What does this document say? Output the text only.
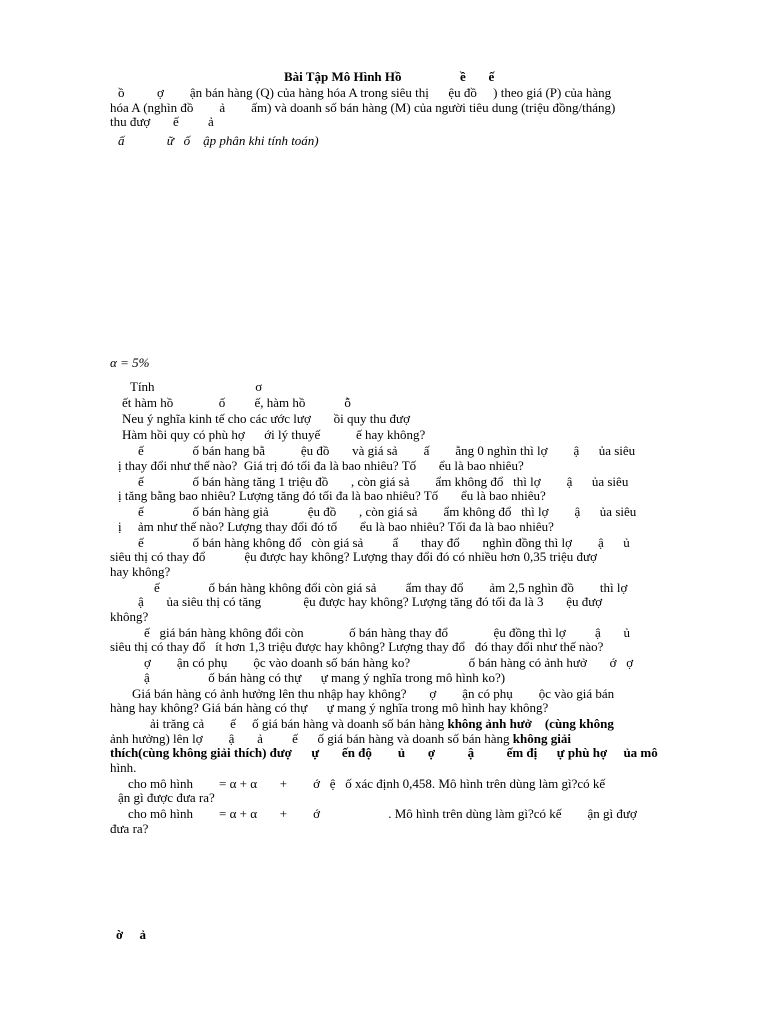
Bài Tập Mô Hình Hồ                  ề       ế
ồ          ợ        ận bán hàng (Q) của hàng hóa A trong siêu thị      ệu đồ     ) theo giá (P) của hàng
hóa A (nghìn đồ        ả        ấm) và doanh số bán hàng (M) của người tiêu dung (triệu đồng/tháng)
thu đượ       ế         ả
ấ             ữ   ố    ập phân khi tính toán)
α = 5%
Tính                               σ
ết hàm hồ              ố         ế, hàm hồ            ỗ
Neu ý nghĩa kinh tế cho các ước lượ       ồi quy thu đượ
Hàm hồi quy có phù hợ      ới lý thuyế           ế hay không?
ế               ố bán hang bằ           ệu đồ       và giá sả        ấ        ằng 0 nghìn thì lợ        ậ      ủa siêu
ị thay đổi như thế nào?  Giá trị đó tối đa là bao nhiêu? Tố       ểu là bao nhiêu?
ế               ố bán hàng tăng 1 triệu đồ       , còn giá sả        ẩm không đổ   thì lợ        ậ      ủa siêu
ị tăng bằng bao nhiêu? Lượng tăng đó tối đa là bao nhiêu? Tố       ểu là bao nhiêu?
ế               ố bán hàng giả            ệu đồ       , còn giá sả        ẩm không đổ   thì lợ        ậ      ủa siêu
ị     ảm như thế nào? Lượng thay đổi đó tố       ểu là bao nhiêu? Tối đa là bao nhiêu?
ế               ố bán hàng không đổ   còn giá sả         ẩ       thay đổ       nghìn đồng thì lợ        ậ      ủ
siêu thị có thay đổ            ệu được hay không? Lượng thay đổi đó có nhiều hơn 0,35 triệu đượ
hay không?
ế               ố bán hàng không đổi còn giá sả         ẩm thay đổ        ảm 2,5 nghìn đồ        thì lợ
ậ       ủa siêu thị có tăng             ệu được hay không? Lượng tăng đó tối đa là 3       ệu đượ
không?
ế   giá bán hàng không đổi còn              ố bán hàng thay đổ              ệu đồng thì lợ         ậ       ủ
siêu thị có thay đổ   ít hơn 1,3 triệu được hay không? Lượng thay đổ   đó thay đổi như thế nào?
ợ        ận có phụ        ộc vào doanh số bán hàng ko?                  ố bán hàng có ảnh hưở       ớ   ợ
ậ                  ố bán hàng có thự      ự mang ý nghĩa trong mô hình ko?)
Giá bán hàng có ảnh hưởng lên thu nhập hay không?       ợ        ận có phụ        ộc vào giá bán
hàng hay không? Giá bán hàng có thự      ự mang ý nghĩa trong mô hình hay không?
ải trăng cả        ế     ố giá bán hàng và doanh số bán hàng không ảnh hưở    (cùng không
ảnh hưởng) lên lợ        ậ       ả         ế      ố giá bán hàng và doanh số bán hàng không giải
thích(cùng không giải thích) đượ      ự       ến độ        ủ       ợ          ậ          ếm đị      ự phù hợ     ủa mô
hình.
cho mô hình        = α + α       +        ớ   ệ   ố xác định 0,458. Mô hình trên dùng làm gì?có kế
ận gì được đưa ra?
cho mô hình        = α + α       +        ớ                     . Mô hình trên dùng làm gì?có kế        ận gì đượ
đưa ra?
ờ     ả
